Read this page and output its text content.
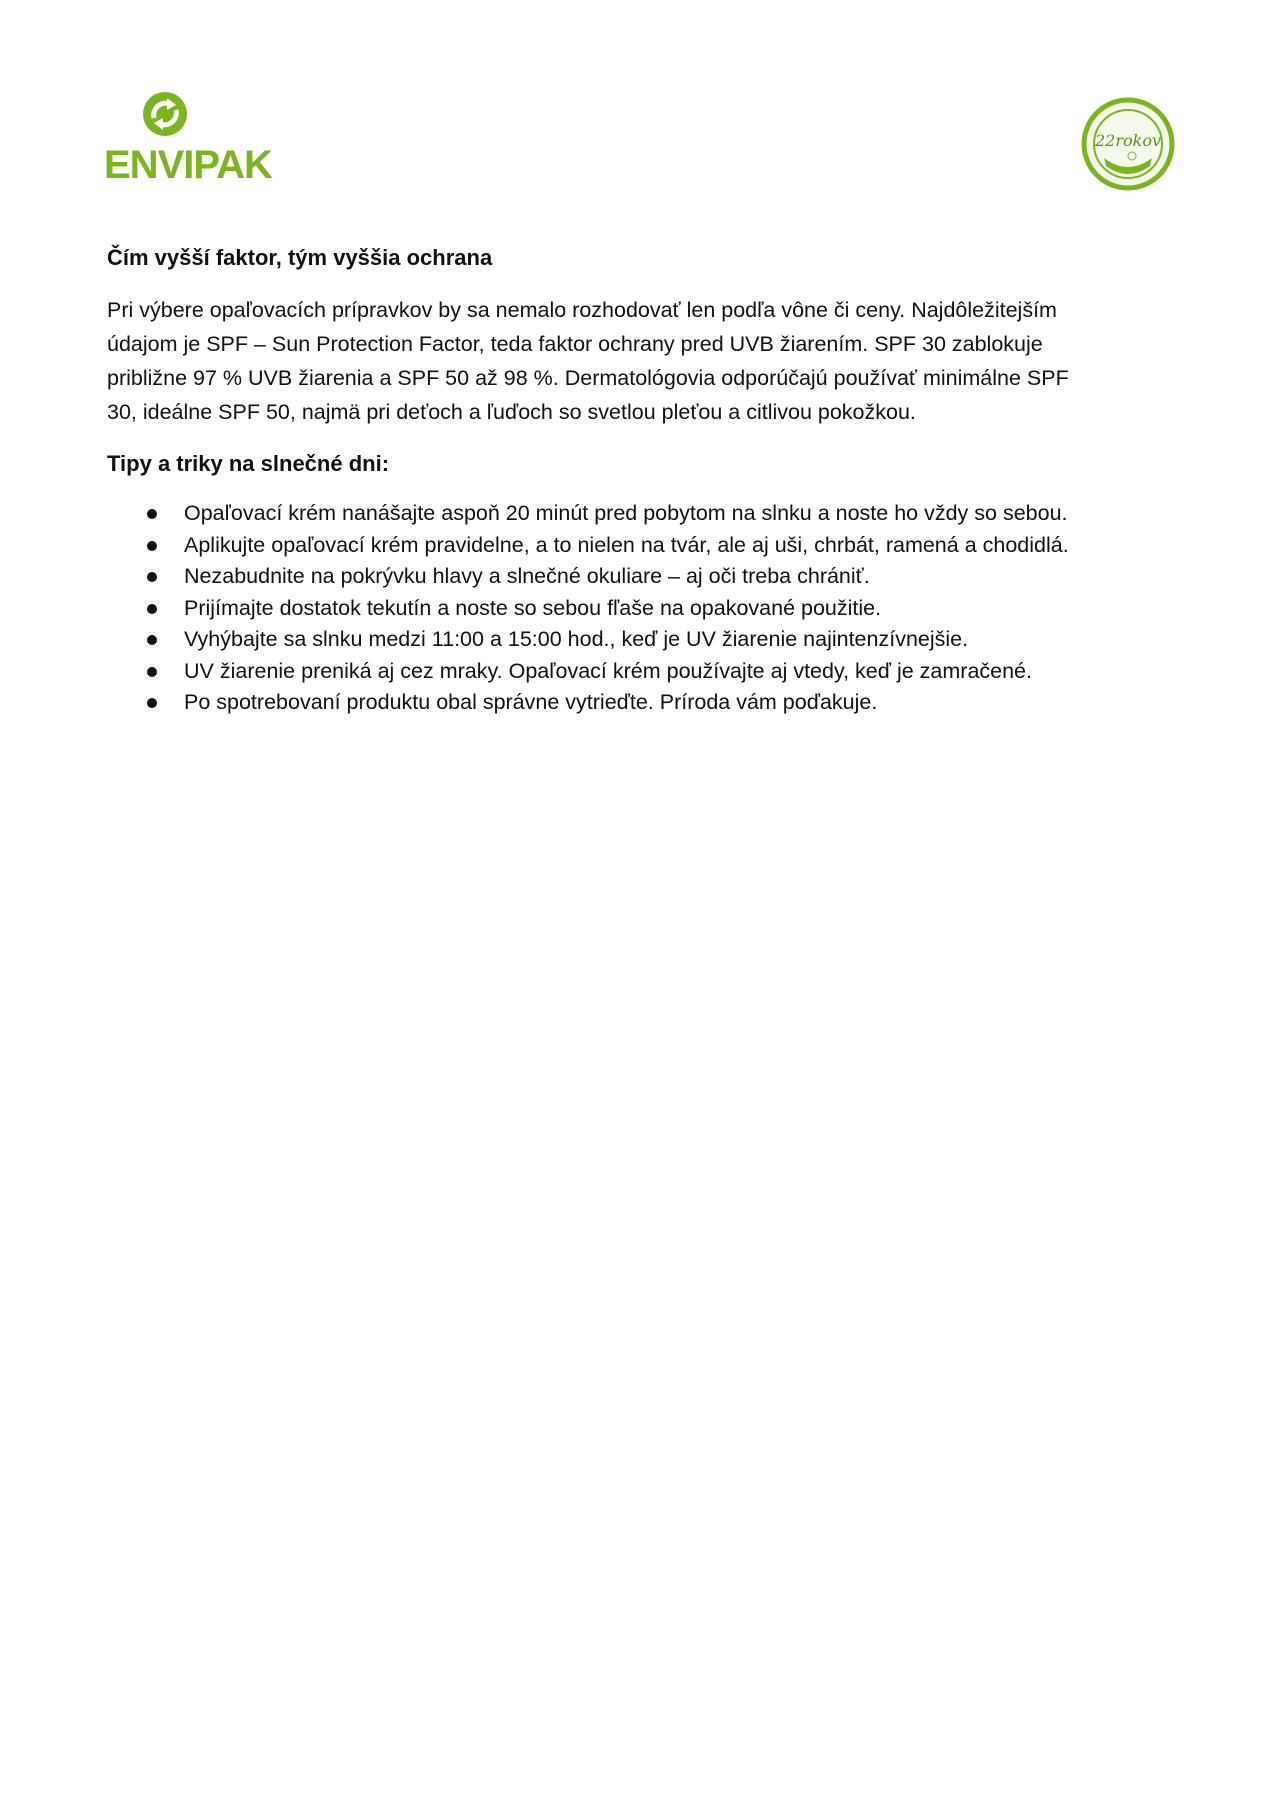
ENVIPAK
22rokov
Čím vyšší faktor, tým vyššia ochrana

Pri výbere opaľovacích prípravkov by sa nemalo rozhodovať len podľa vône či ceny. Najdôležitejším
údajom je SPF – Sun Protection Factor, teda faktor ochrany pred UVB žiarením. SPF 30 zablokuje
približne 97 % UVB žiarenia a SPF 50 až 98 %. Dermatológovia odporúčajú používať minimálne SPF
30, ideálne SPF 50, najmä pri deťoch a ľuďoch so svetlou pleťou a citlivou pokožkou.

Tipy a triky na slnečné dni:
Opaľovací krém nanášajte aspoň 20 minút pred pobytom na slnku a noste ho vždy so sebou.
Aplikujte opaľovací krém pravidelne, a to nielen na tvár, ale aj uši, chrbát, ramená a chodidlá.
Nezabudnite na pokrývku hlavy a slnečné okuliare – aj oči treba chrániť.
Prijímajte dostatok tekutín a noste so sebou fľaše na opakované použitie.
Vyhýbajte sa slnku medzi 11:00 a 15:00 hod., keď je UV žiarenie najintenzívnejšie.
UV žiarenie preniká aj cez mraky. Opaľovací krém používajte aj vtedy, keď je zamračené.
Po spotrebovaní produktu obal správne vytrieďte. Príroda vám poďakuje.
